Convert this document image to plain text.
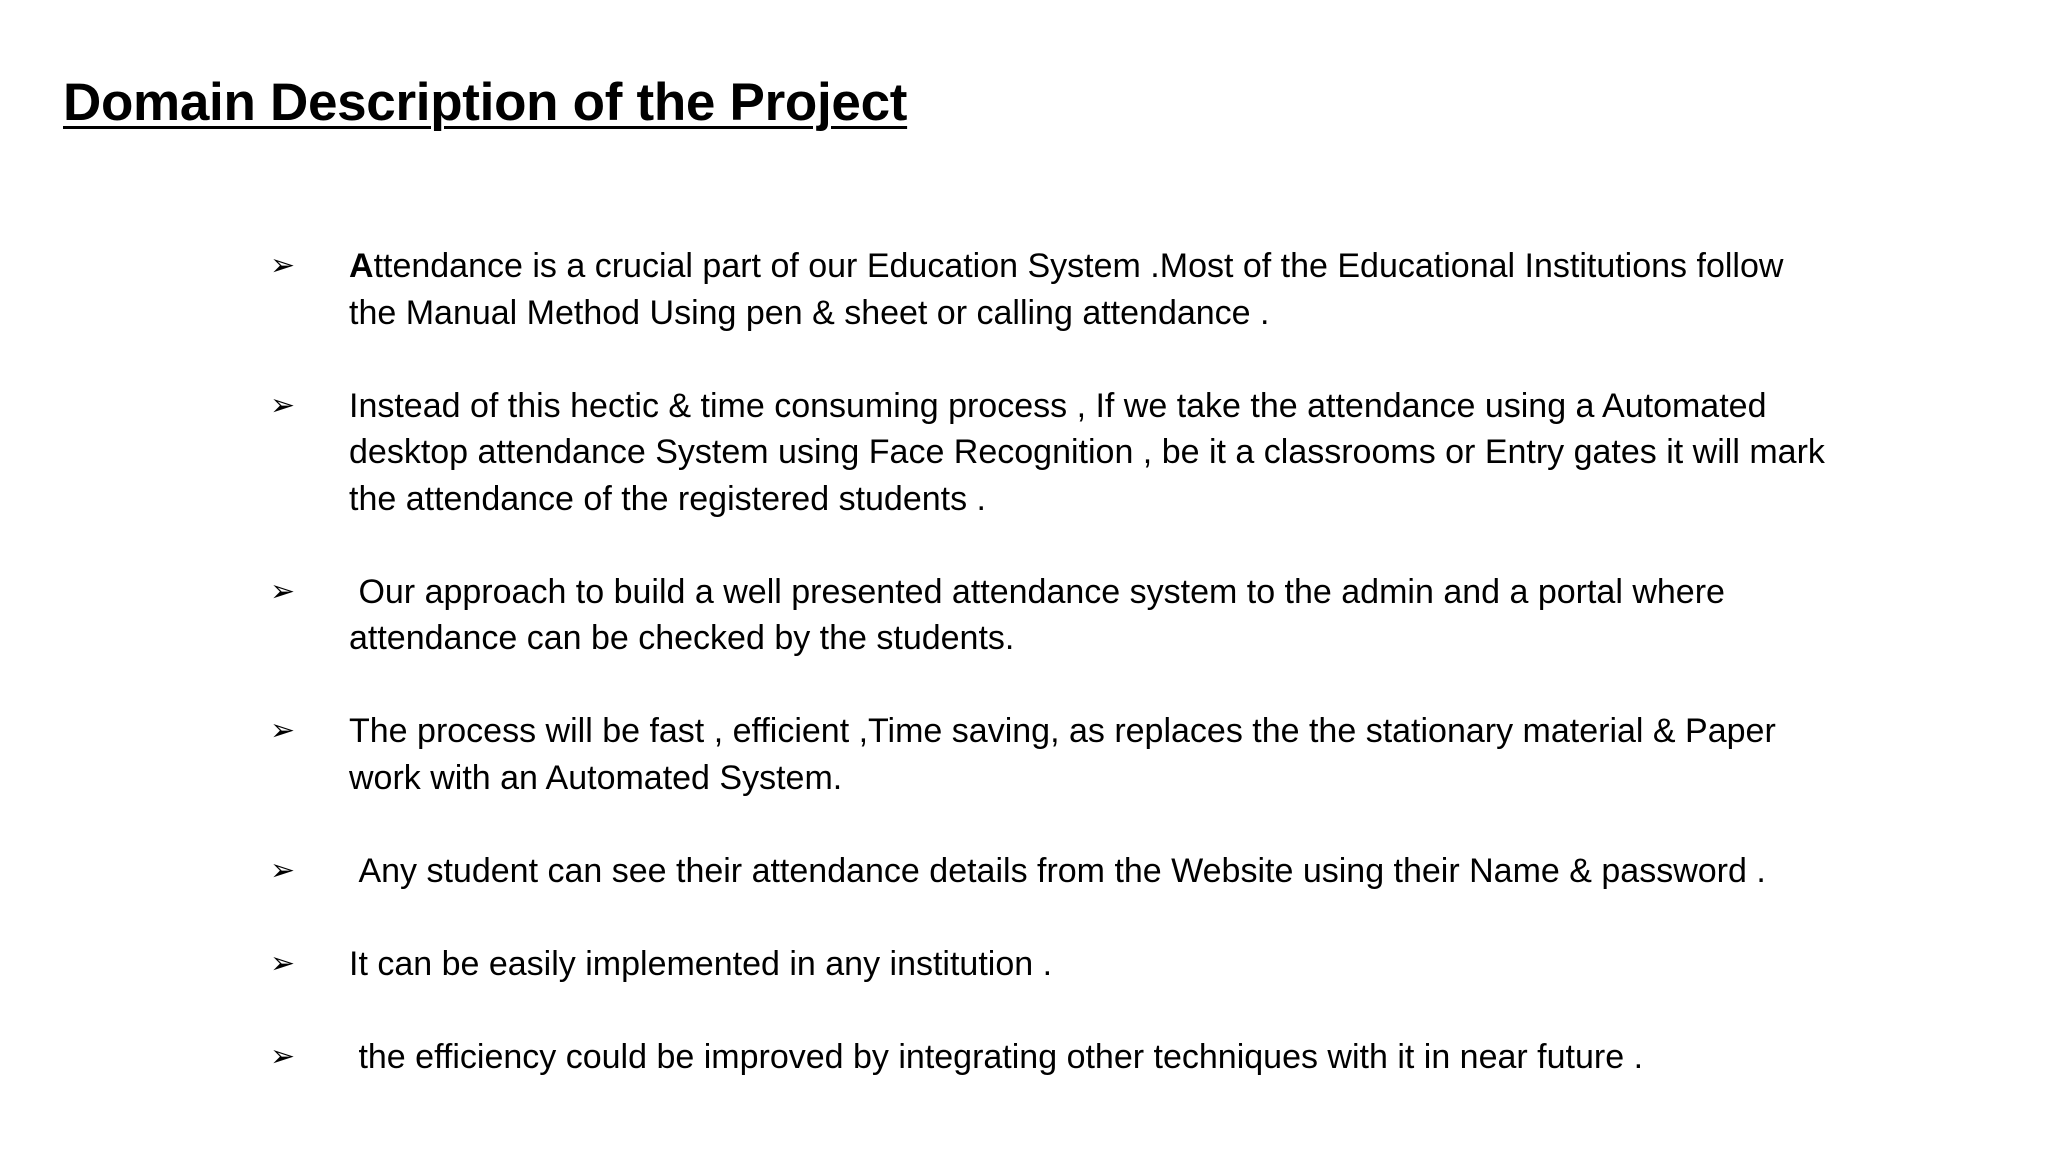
Domain Description of the Project
➢ Attendance is a crucial part of our Education System .Most of the Educational Institutions follow the Manual Method Using pen & sheet or calling attendance .
➢ Instead of this hectic & time consuming process , If we take the attendance using a Automated desktop attendance System using Face Recognition , be it a classrooms or Entry gates it will mark the attendance of the registered students .
➢ Our approach to build a well presented attendance system to the admin and a portal where attendance can be checked by the students.
➢ The process will be fast , efficient ,Time saving, as replaces the the stationary material & Paper work with an Automated System.
➢ Any student can see their attendance details from the Website using their Name & password .
➢ It can be easily implemented in any institution .
➢ the efficiency could be improved by integrating other techniques with it in near future .
